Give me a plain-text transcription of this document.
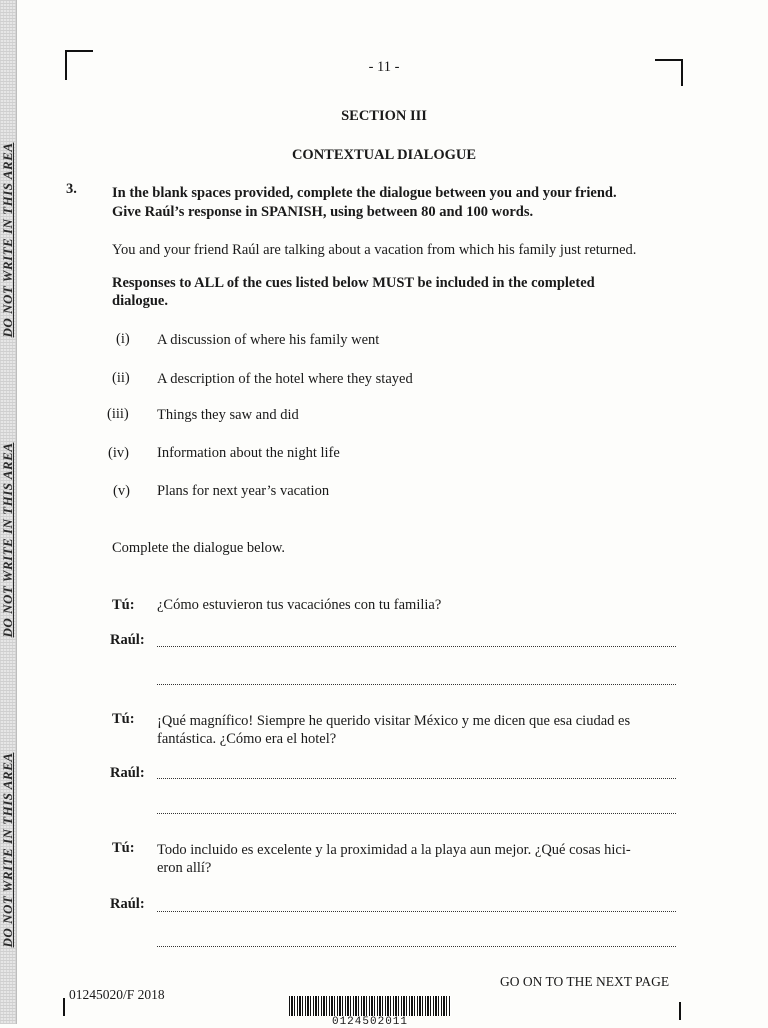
DO NOT WRITE IN THIS AREA
DO NOT WRITE IN THIS AREA
DO NOT WRITE IN THIS AREA
- 11 -
SECTION III
CONTEXTUAL DIALOGUE
3. In the blank spaces provided, complete the dialogue between you and your friend.
Give Raúl’s response in SPANISH, using between 80 and 100 words.
You and your friend Raúl are talking about a vacation from which his family just returned.
Responses to ALL of the cues listed below MUST be included in the completed
dialogue.
(i) A discussion of where his family went
(ii) A description of the hotel where they stayed
(iii) Things they saw and did
(iv) Information about the night life
(v) Plans for next year’s vacation
Complete the dialogue below.
Tú: ¿Cómo estuvieron tus vacaciónes con tu familia?
Raúl:
Tú: ¡Qué magnífico! Siempre he querido visitar México y me dicen que esa ciudad es
fantástica. ¿Cómo era el hotel?
Raúl:
Tú: Todo incluido es excelente y la proximidad a la playa aun mejor. ¿Qué cosas hici-
eron allí?
Raúl:
GO ON TO THE NEXT PAGE
01245020/F 2018
0124502011
